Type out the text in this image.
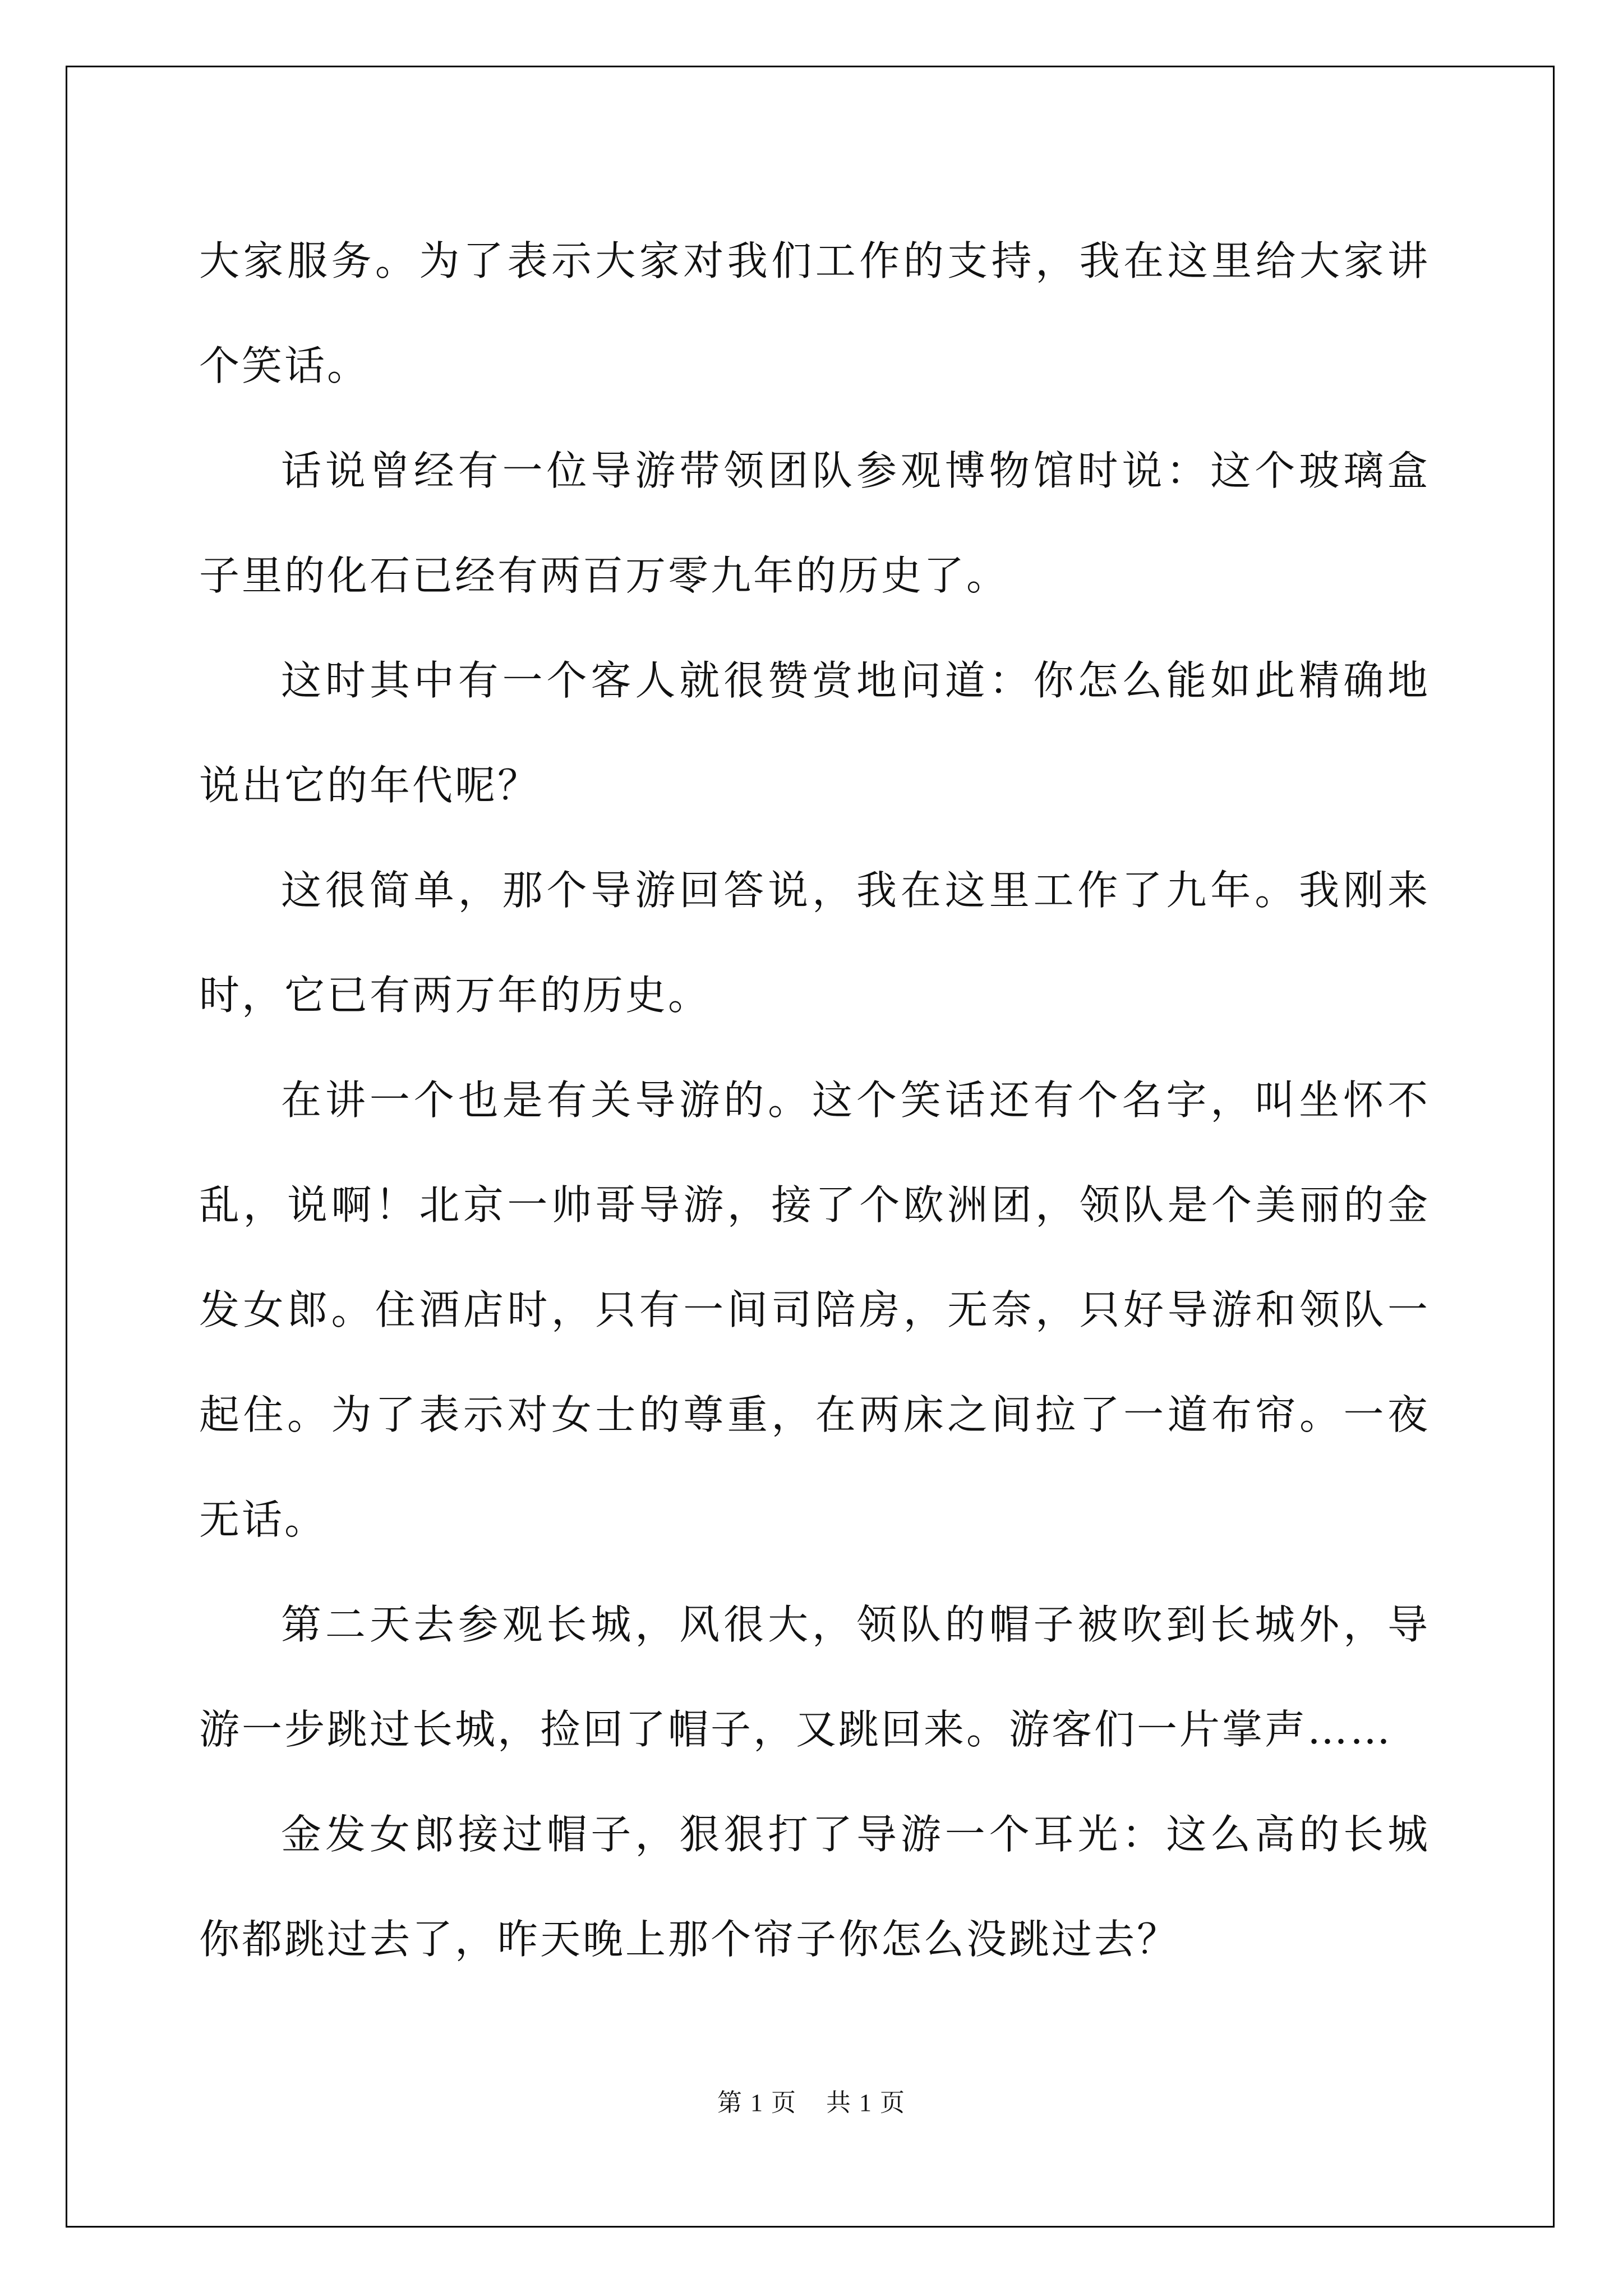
大家服务。为了表示大家对我们工作的支持，我在这里给大家讲个笑话。

话说曾经有一位导游带领团队参观博物馆时说：这个玻璃盒子里的化石已经有两百万零九年的历史了。

这时其中有一个客人就很赞赏地问道：你怎么能如此精确地说出它的年代呢？

这很简单，那个导游回答说，我在这里工作了九年。我刚来时，它已有两万年的历史。

在讲一个也是有关导游的。这个笑话还有个名字，叫坐怀不乱，说啊！北京一帅哥导游，接了个欧洲团，领队是个美丽的金发女郎。住酒店时，只有一间司陪房，无奈，只好导游和领队一起住。为了表示对女士的尊重，在两床之间拉了一道布帘。一夜无话。

第二天去参观长城，风很大，领队的帽子被吹到长城外，导游一步跳过长城，捡回了帽子，又跳回来。游客们一片掌声……

金发女郎接过帽子，狠狠打了导游一个耳光：这么高的长城你都跳过去了，昨天晚上那个帘子你怎么没跳过去？

第 1 页 共 1 页
